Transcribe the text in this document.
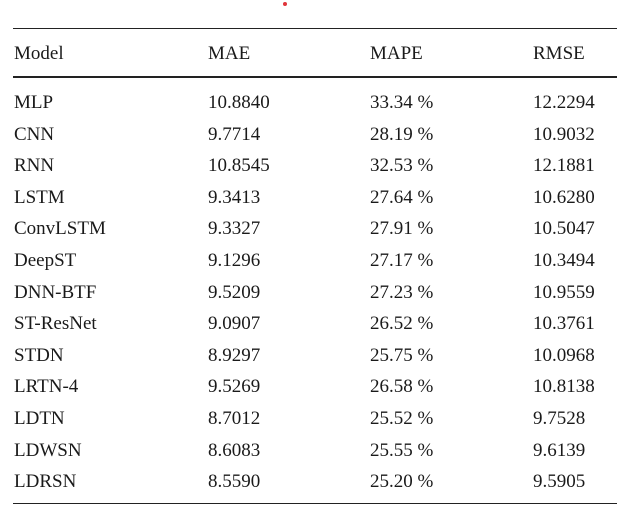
Model	MAE	MAPE	RMSE
MLP	10.8840	33.34 %	12.2294
CNN	9.7714	28.19 %	10.9032
RNN	10.8545	32.53 %	12.1881
LSTM	9.3413	27.64 %	10.6280
ConvLSTM	9.3327	27.91 %	10.5047
DeepST	9.1296	27.17 %	10.3494
DNN-BTF	9.5209	27.23 %	10.9559
ST-ResNet	9.0907	26.52 %	10.3761
STDN	8.9297	25.75 %	10.0968
LRTN-4	9.5269	26.58 %	10.8138
LDTN	8.7012	25.52 %	9.7528
LDWSN	8.6083	25.55 %	9.6139
LDRSN	8.5590	25.20 %	9.5905
